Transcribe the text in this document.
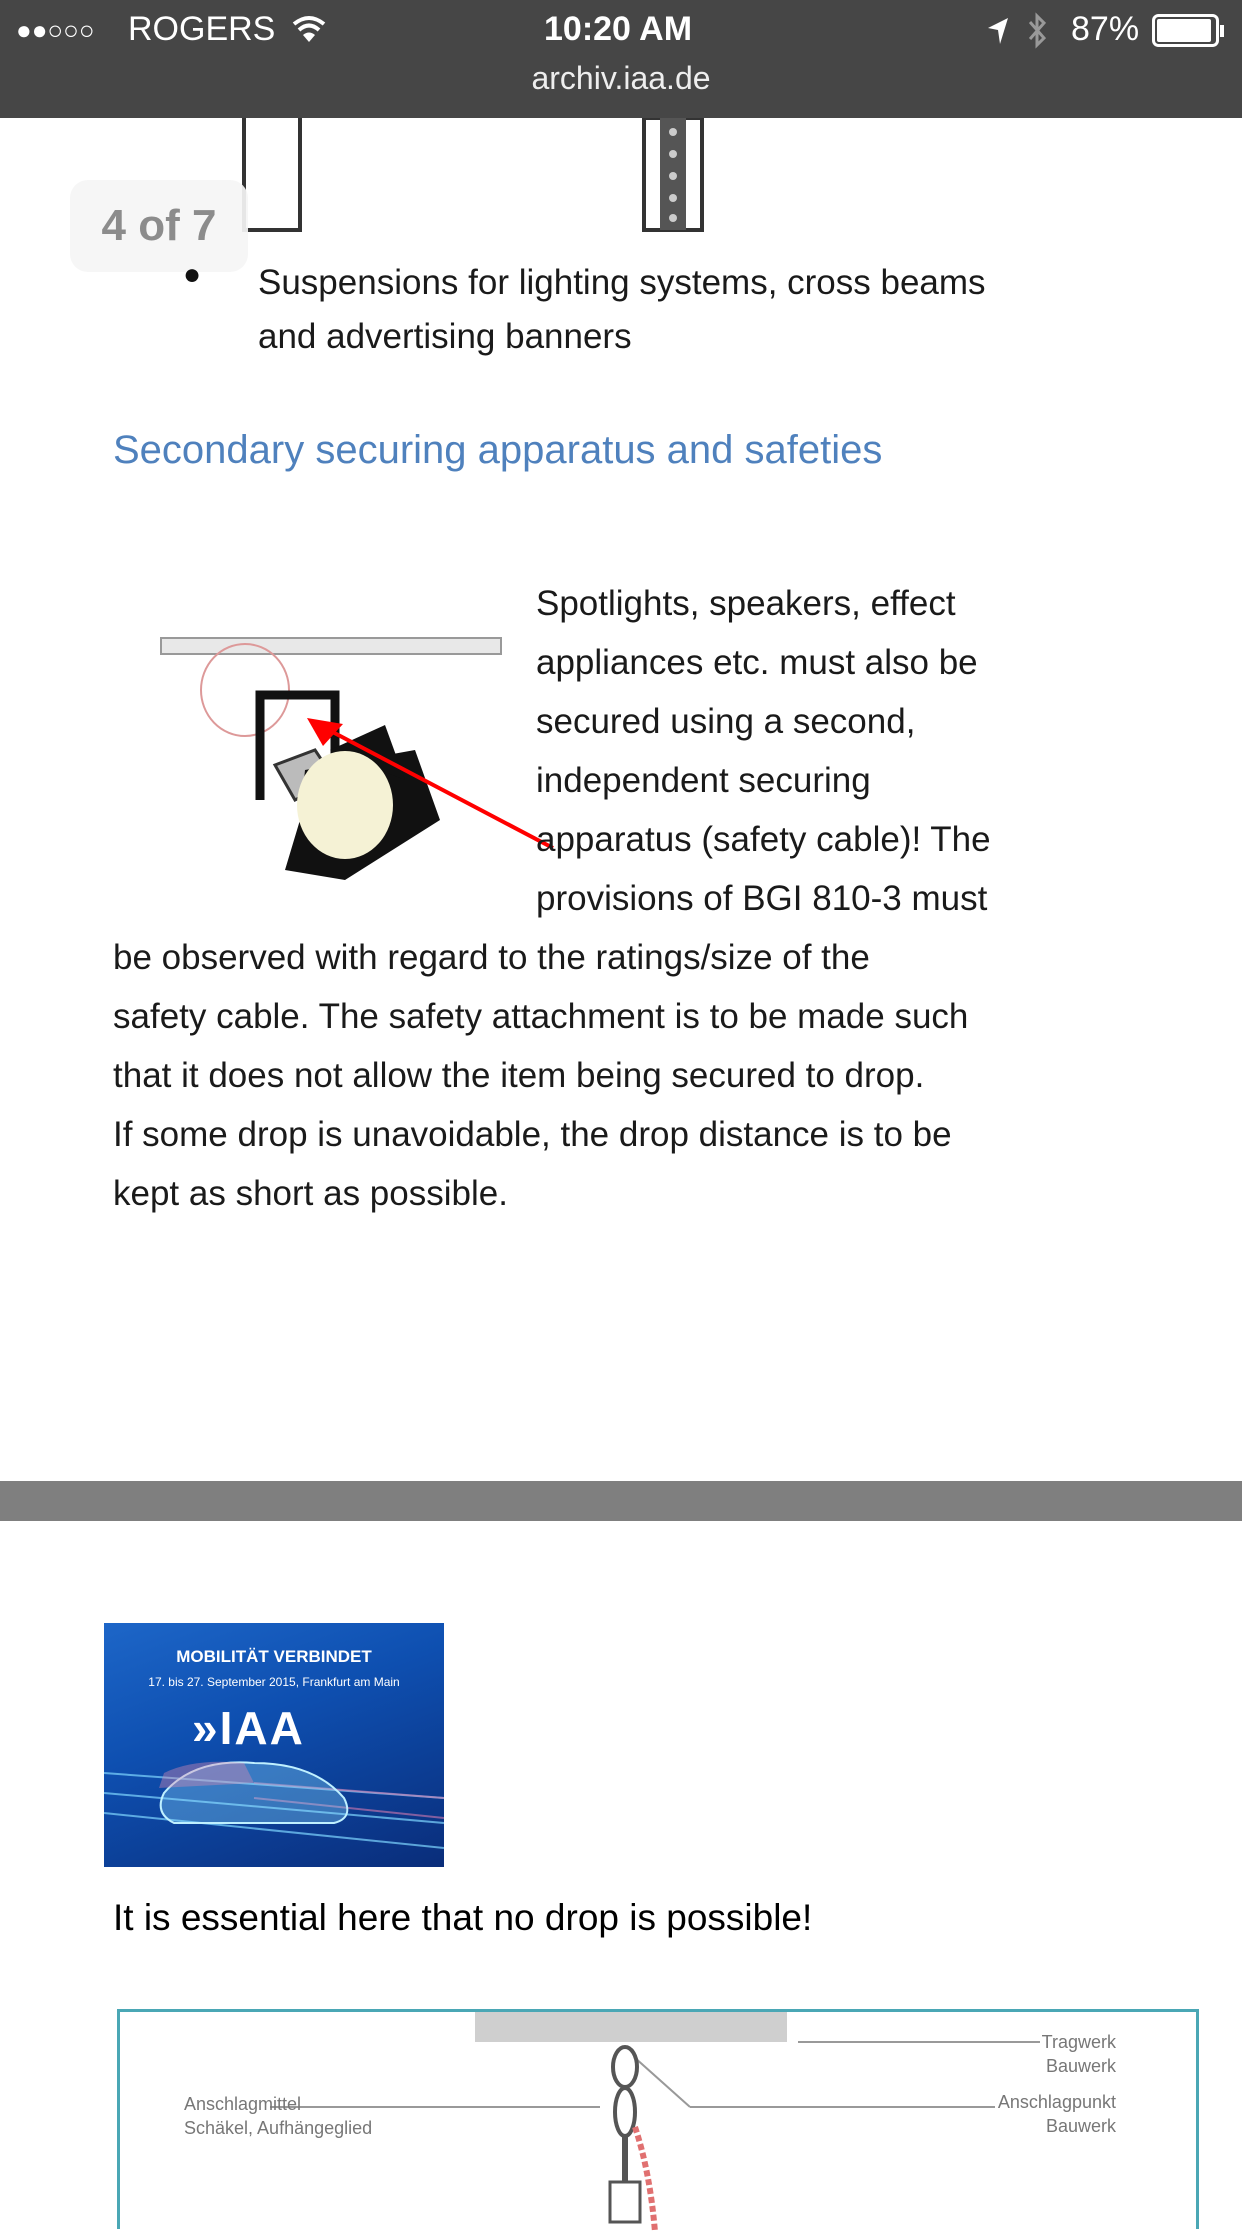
●●○○○ ROGERS	10:20 AM	87%
archiv.iaa.de
4 of 7
● Suspensions for lighting systems, cross beams
and advertising banners
Secondary securing apparatus and safeties
Spotlights, speakers, effect
appliances etc. must also be
secured using a second,
independent securing
apparatus (safety cable)! The
provisions of BGI 810-3 must
be observed with regard to the ratings/size of the
safety cable. The safety attachment is to be made such
that it does not allow the item being secured to drop.
If some drop is unavoidable, the drop distance is to be
kept as short as possible.
MOBILITÄT VERBINDET
17. bis 27. September 2015, Frankfurt am Main
»IAA
It is essential here that no drop is possible!
Tragwerk
Bauwerk
Anschlagpunkt
Bauwerk
Anschlagmittel
Schäkel, Aufhängeglied
